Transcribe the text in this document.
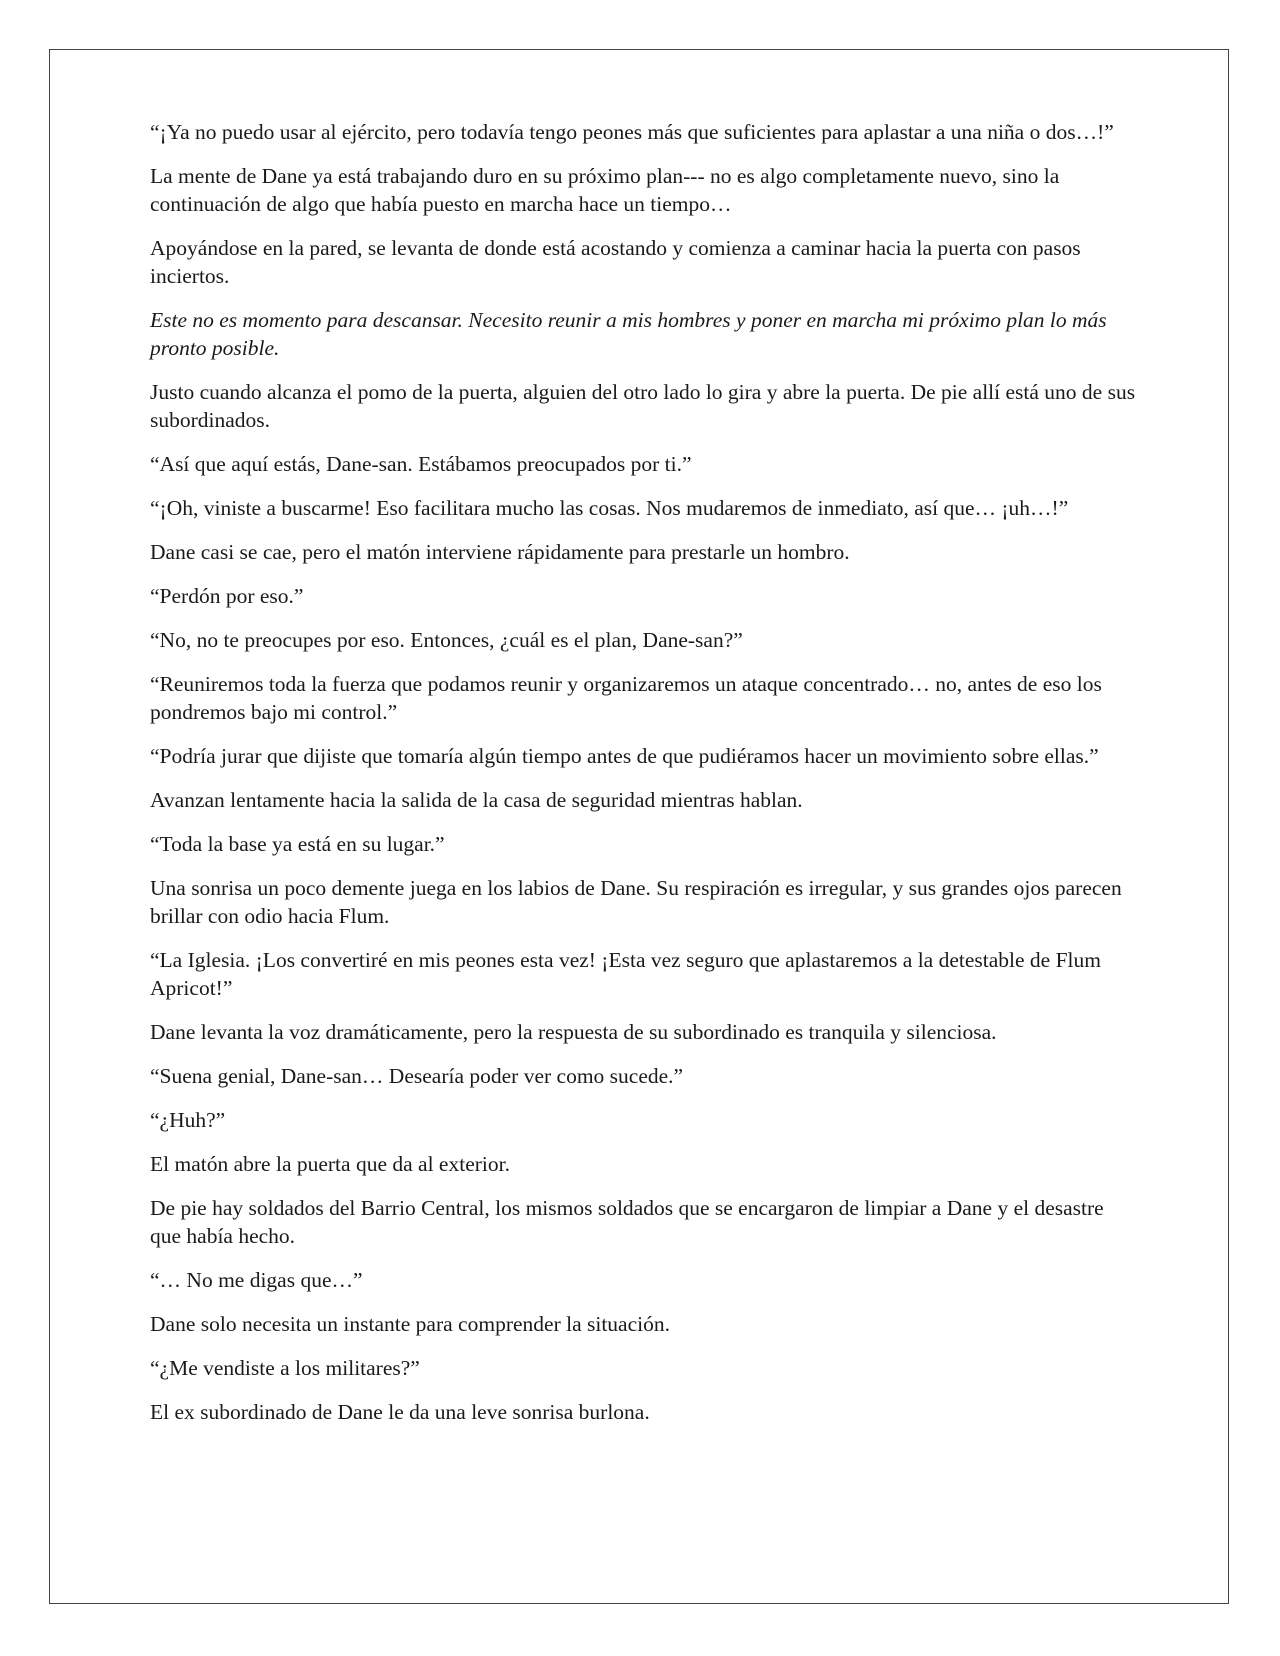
“¡Ya no puedo usar al ejército, pero todavía tengo peones más que suficientes para aplastar a una niña o dos…!”

La mente de Dane ya está trabajando duro en su próximo plan--- no es algo completamente nuevo, sino la continuación de algo que había puesto en marcha hace un tiempo…

Apoyándose en la pared, se levanta de donde está acostando y comienza a caminar hacia la puerta con pasos inciertos.

Este no es momento para descansar. Necesito reunir a mis hombres y poner en marcha mi próximo plan lo más pronto posible.

Justo cuando alcanza el pomo de la puerta, alguien del otro lado lo gira y abre la puerta. De pie allí está uno de sus subordinados.

“Así que aquí estás, Dane-san. Estábamos preocupados por ti.”

“¡Oh, viniste a buscarme! Eso facilitara mucho las cosas. Nos mudaremos de inmediato, así que… ¡uh…!”

Dane casi se cae, pero el matón interviene rápidamente para prestarle un hombro.

“Perdón por eso.”

“No, no te preocupes por eso. Entonces, ¿cuál es el plan, Dane-san?”

“Reuniremos toda la fuerza que podamos reunir y organizaremos un ataque concentrado… no, antes de eso los pondremos bajo mi control.”

“Podría jurar que dijiste que tomaría algún tiempo antes de que pudiéramos hacer un movimiento sobre ellas.”

Avanzan lentamente hacia la salida de la casa de seguridad mientras hablan.

“Toda la base ya está en su lugar.”

Una sonrisa un poco demente juega en los labios de Dane. Su respiración es irregular, y sus grandes ojos parecen brillar con odio hacia Flum.

“La Iglesia. ¡Los convertiré en mis peones esta vez! ¡Esta vez seguro que aplastaremos a la detestable de Flum Apricot!”

Dane levanta la voz dramáticamente, pero la respuesta de su subordinado es tranquila y silenciosa.

“Suena genial, Dane-san… Desearía poder ver como sucede.”

“¿Huh?”

El matón abre la puerta que da al exterior.

De pie hay soldados del Barrio Central, los mismos soldados que se encargaron de limpiar a Dane y el desastre que había hecho.

“… No me digas que…”

Dane solo necesita un instante para comprender la situación.

“¿Me vendiste a los militares?”

El ex subordinado de Dane le da una leve sonrisa burlona.
